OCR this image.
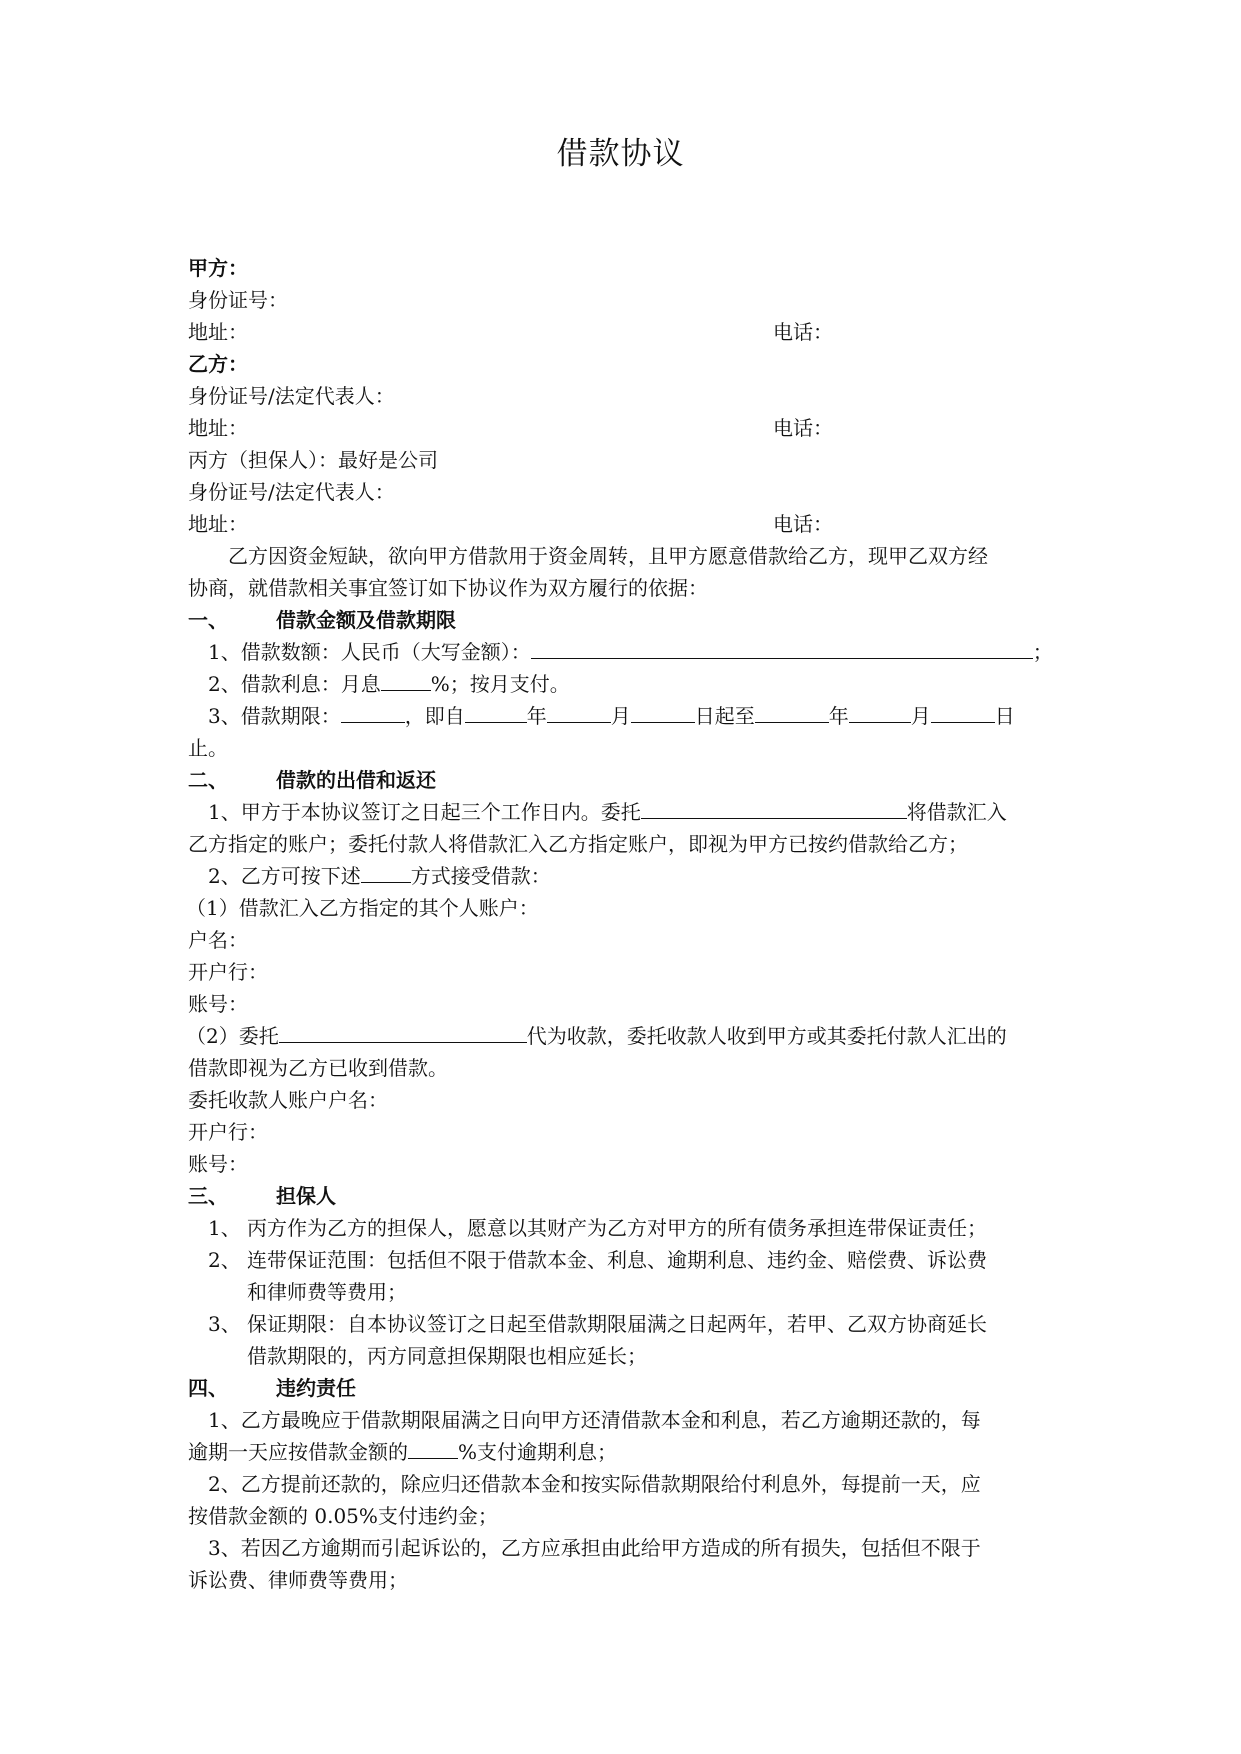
借款协议
甲方：
身份证号：
地址：	电话：
乙方：
身份证号/法定代表人：
地址：	电话：
丙方（担保人）：最好是公司
身份证号/法定代表人：
地址：	电话：
乙方因资金短缺，欲向甲方借款用于资金周转，且甲方愿意借款给乙方，现甲乙双方经
协商，就借款相关事宜签订如下协议作为双方履行的依据：
一、 借款金额及借款期限
1、借款数额：人民币（大写金额）：	；
2、借款利息：月息	%；按月支付。
3、借款期限：	，即自	年	月	日起至	年	月	日
止。
二、 借款的出借和返还
1、甲方于本协议签订之日起三个工作日内。委托	将借款汇入
乙方指定的账户；委托付款人将借款汇入乙方指定账户，即视为甲方已按约借款给乙方；
2、乙方可按下述	方式接受借款：
（1）借款汇入乙方指定的其个人账户：
户名：
开户行：
账号：
（2）委托	代为收款，委托收款人收到甲方或其委托付款人汇出的
借款即视为乙方已收到借款。
委托收款人账户户名：
开户行：
账号：
三、 担保人
1、 丙方作为乙方的担保人，愿意以其财产为乙方对甲方的所有债务承担连带保证责任；
2、 连带保证范围：包括但不限于借款本金、利息、逾期利息、违约金、赔偿费、诉讼费
和律师费等费用；
3、 保证期限：自本协议签订之日起至借款期限届满之日起两年，若甲、乙双方协商延长
借款期限的，丙方同意担保期限也相应延长；
四、 违约责任
1、乙方最晚应于借款期限届满之日向甲方还清借款本金和利息，若乙方逾期还款的，每
逾期一天应按借款金额的	%支付逾期利息；
2、乙方提前还款的，除应归还借款本金和按实际借款期限给付利息外，每提前一天，应
按借款金额的 0.05%支付违约金；
3、若因乙方逾期而引起诉讼的，乙方应承担由此给甲方造成的所有损失，包括但不限于
诉讼费、律师费等费用；
